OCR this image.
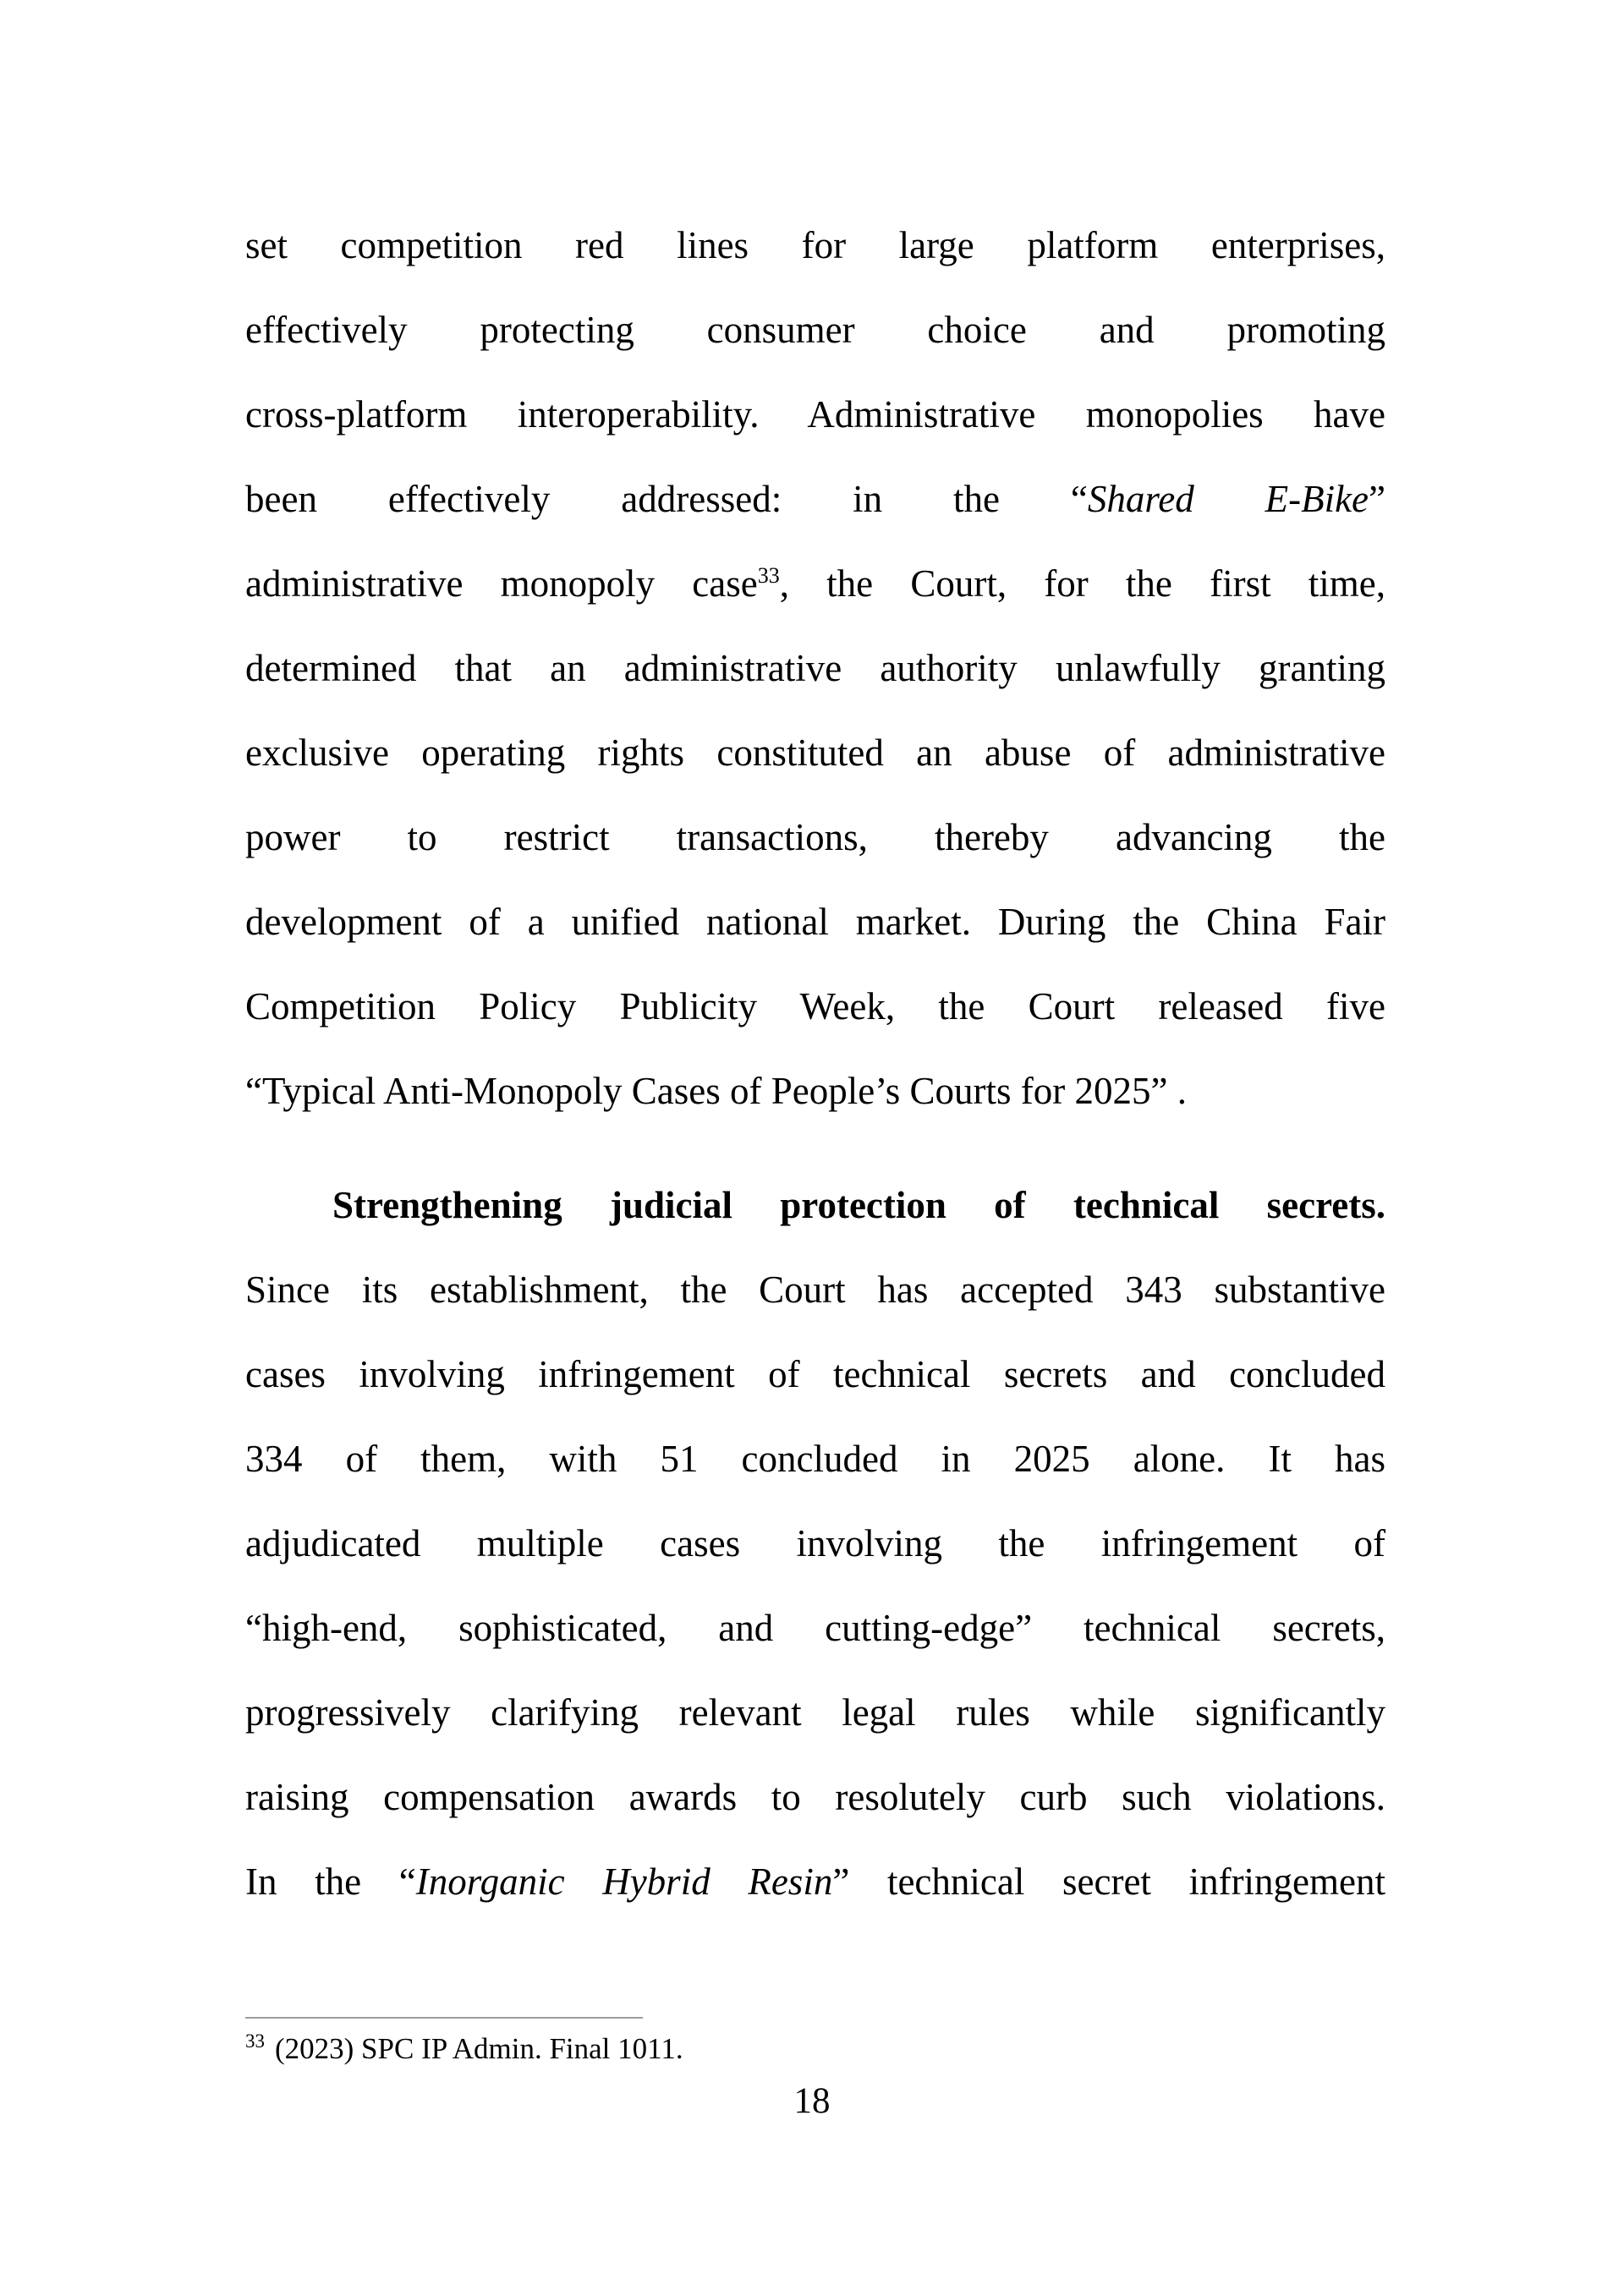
set competition red lines for large platform enterprises,
effectively protecting consumer choice and promoting
cross-platform interoperability. Administrative monopolies have
been effectively addressed: in the “Shared E-Bike”
administrative monopoly case$^{33}$, the Court, for the first time,
determined that an administrative authority unlawfully granting
exclusive operating rights constituted an abuse of administrative
power to restrict transactions, thereby advancing the
development of a unified national market. During the China Fair
Competition Policy Publicity Week, the Court released five
“Typical Anti-Monopoly Cases of People’s Courts for 2025” .
Strengthening judicial protection of technical secrets.
Since its establishment, the Court has accepted 343 substantive
cases involving infringement of technical secrets and concluded
334 of them, with 51 concluded in 2025 alone. It has
adjudicated multiple cases involving the infringement of
“high-end, sophisticated, and cutting-edge” technical secrets,
progressively clarifying relevant legal rules while significantly
raising compensation awards to resolutely curb such violations.
In the “Inorganic Hybrid Resin” technical secret infringement
$^{33}$ (2023) SPC IP Admin. Final 1011.
18
